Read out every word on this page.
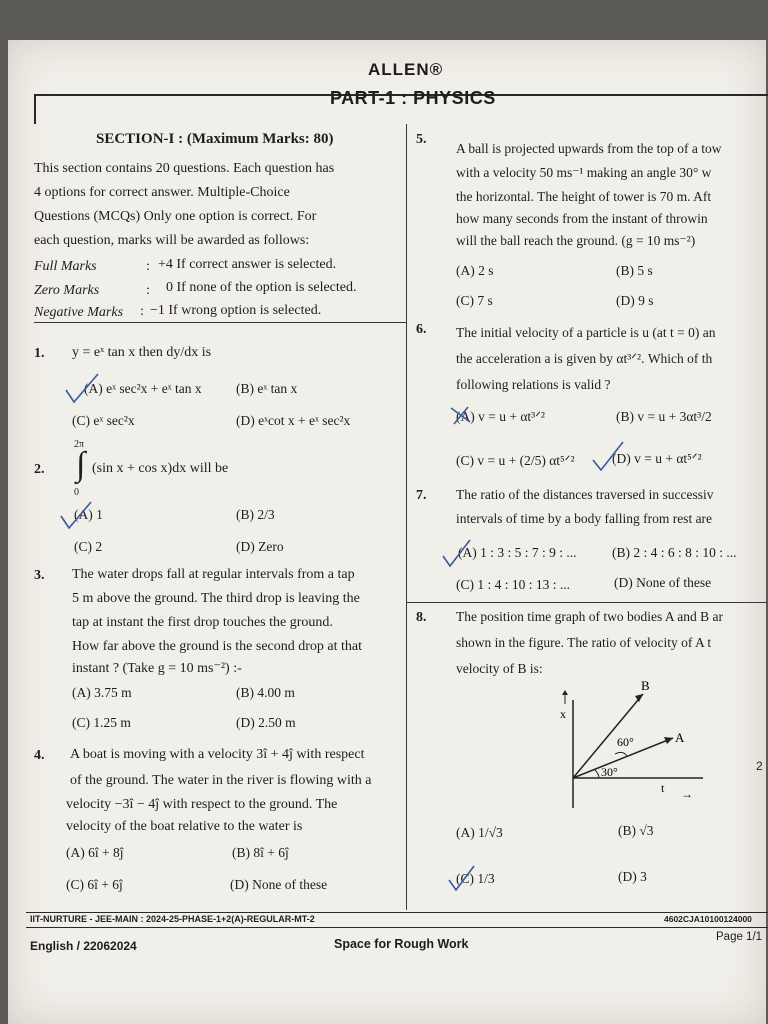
ALLEN®
PART-1 : PHYSICS
SECTION-I : (Maximum Marks: 80)
This section contains 20 questions. Each question has
4 options for correct answer. Multiple-Choice
Questions (MCQs) Only one option is correct. For
each question, marks will be awarded as follows:
Full Marks	: +4 If correct answer is selected.
Zero Marks	: 0 If none of the option is selected.
Negative Marks : −1 If wrong option is selected.
1. y = eˣ tan x then dy/dx is
(A) eˣ sec²x + eˣ tan x	(B) eˣ tan x
(C) eˣ sec²x	(D) eˣcot x + eˣ sec²x
2.
2π
∫
0
(sin x + cos x)dx will be
(A) 1	(B) 2/3
(C) 2	(D) Zero
3. The water drops fall at regular intervals from a tap
5 m above the ground. The third drop is leaving the
tap at instant the first drop touches the ground.
How far above the ground is the second drop at that
instant ? (Take g = 10 ms⁻²) :-
(A) 3.75 m	(B) 4.00 m
(C) 1.25 m	(D) 2.50 m
4. A boat is moving with a velocity 3î + 4ĵ with respect
of the ground. The water in the river is flowing with a
velocity −3î − 4ĵ with respect to the ground. The
velocity of the boat relative to the water is
(A) 6î + 8ĵ	(B) 8î + 6ĵ
(C) 6î + 6ĵ	(D) None of these
5.
A ball is projected upwards from the top of a tow
with a velocity 50 ms⁻¹ making an angle 30° w
the horizontal. The height of tower is 70 m. Aft
how many seconds from the instant of throwin
will the ball reach the ground. (g = 10 ms⁻²)
(A) 2 s	(B) 5 s
(C) 7 s	(D) 9 s
6. The initial velocity of a particle is u (at t = 0) an
the acceleration a is given by αt³ᐟ². Which of th
following relations is valid ?
(A) v = u + αt³ᐟ²	(B) v = u + 3αt³/2
(C) v = u + (2/5) αt⁵ᐟ²	(D) v = u + αt⁵ᐟ²
7. The ratio of the distances traversed in successiv
intervals of time by a body falling from rest are
(A) 1 : 3 : 5 : 7 : 9 : ...	(B) 2 : 4 : 6 : 8 : 10 : ...
(C) 1 : 4 : 10 : 13 : ...	(D) None of these
8. The position time graph of two bodies A and B ar
shown in the figure. The ratio of velocity of A t
velocity of B is:
x
t →
B
A
60°
30°
(A) 1/√3	(B) √3
(C) 1/3	(D) 3
2
IIT-NURTURE - JEE-MAIN : 2024-25-PHASE-1+2(A)-REGULAR-MT-2	4602CJA10100124000
English / 22062024	Space for Rough Work	Page 1/1
